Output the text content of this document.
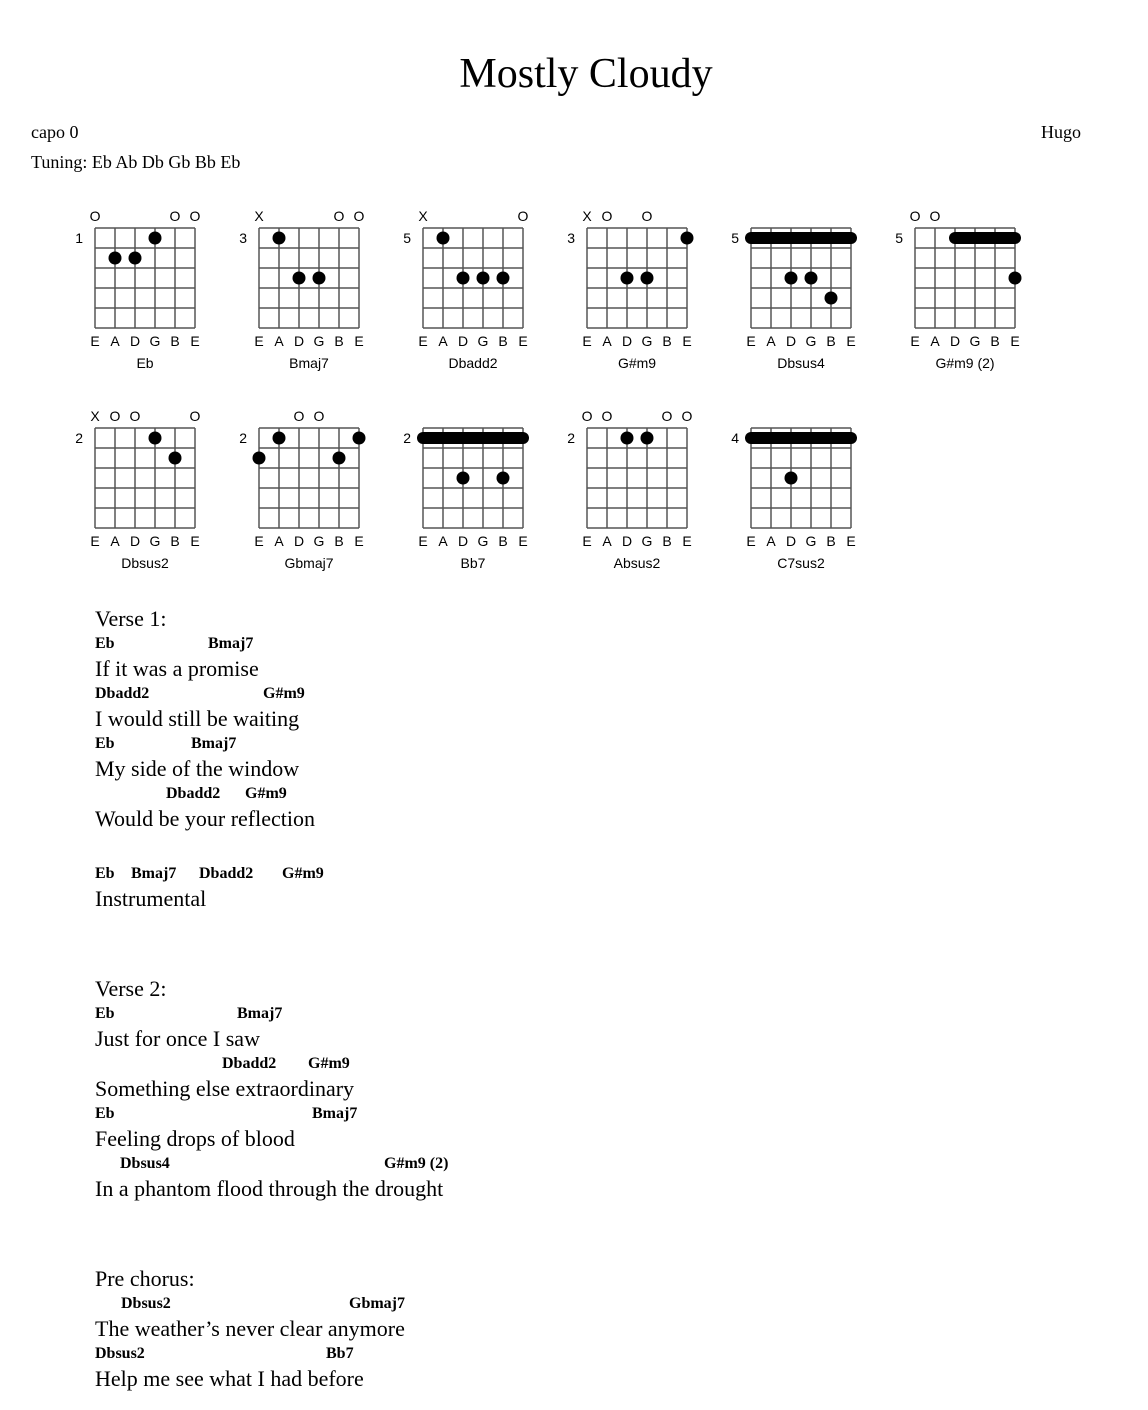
Mostly Cloudy
capo 0	Hugo
Tuning: Eb Ab Db Gb Bb Eb
1
O	O O
E A D G B E
Eb
3
X	O O
E A D G B E
Bmaj7
5
X	O
E A D G B E
Dbadd2
3
X O O
E A D G B E
G#m9
5
E A D G B E
Dbsus4
5
O O
E A D G B E
G#m9 (2)
2
X O O	O
E A D G B E
Dbsus2
2
O O
E A D G B E
Gbmaj7
2
E A D G B E
Bb7
2
O O	O O
E A D G B E
Absus2
4
E A D G B E
C7sus2
Verse 1:
Eb	Bmaj7
If it was a promise
Dbadd2	G#m9
I would still be waiting
Eb	Bmaj7
My side of the window
Dbadd2 G#m9
Would be your reflection
Eb Bmaj7 Dbadd2 G#m9
Instrumental
Verse 2:
Eb	Bmaj7
Just for once I saw
Dbadd2 G#m9
Something else extraordinary
Eb	Bmaj7
Feeling drops of blood
Dbsus4	G#m9 (2)
In a phantom flood through the drought
Pre chorus:
Dbsus2	Gbmaj7
The weather’s never clear anymore
Dbsus2	Bb7
Help me see what I had before
